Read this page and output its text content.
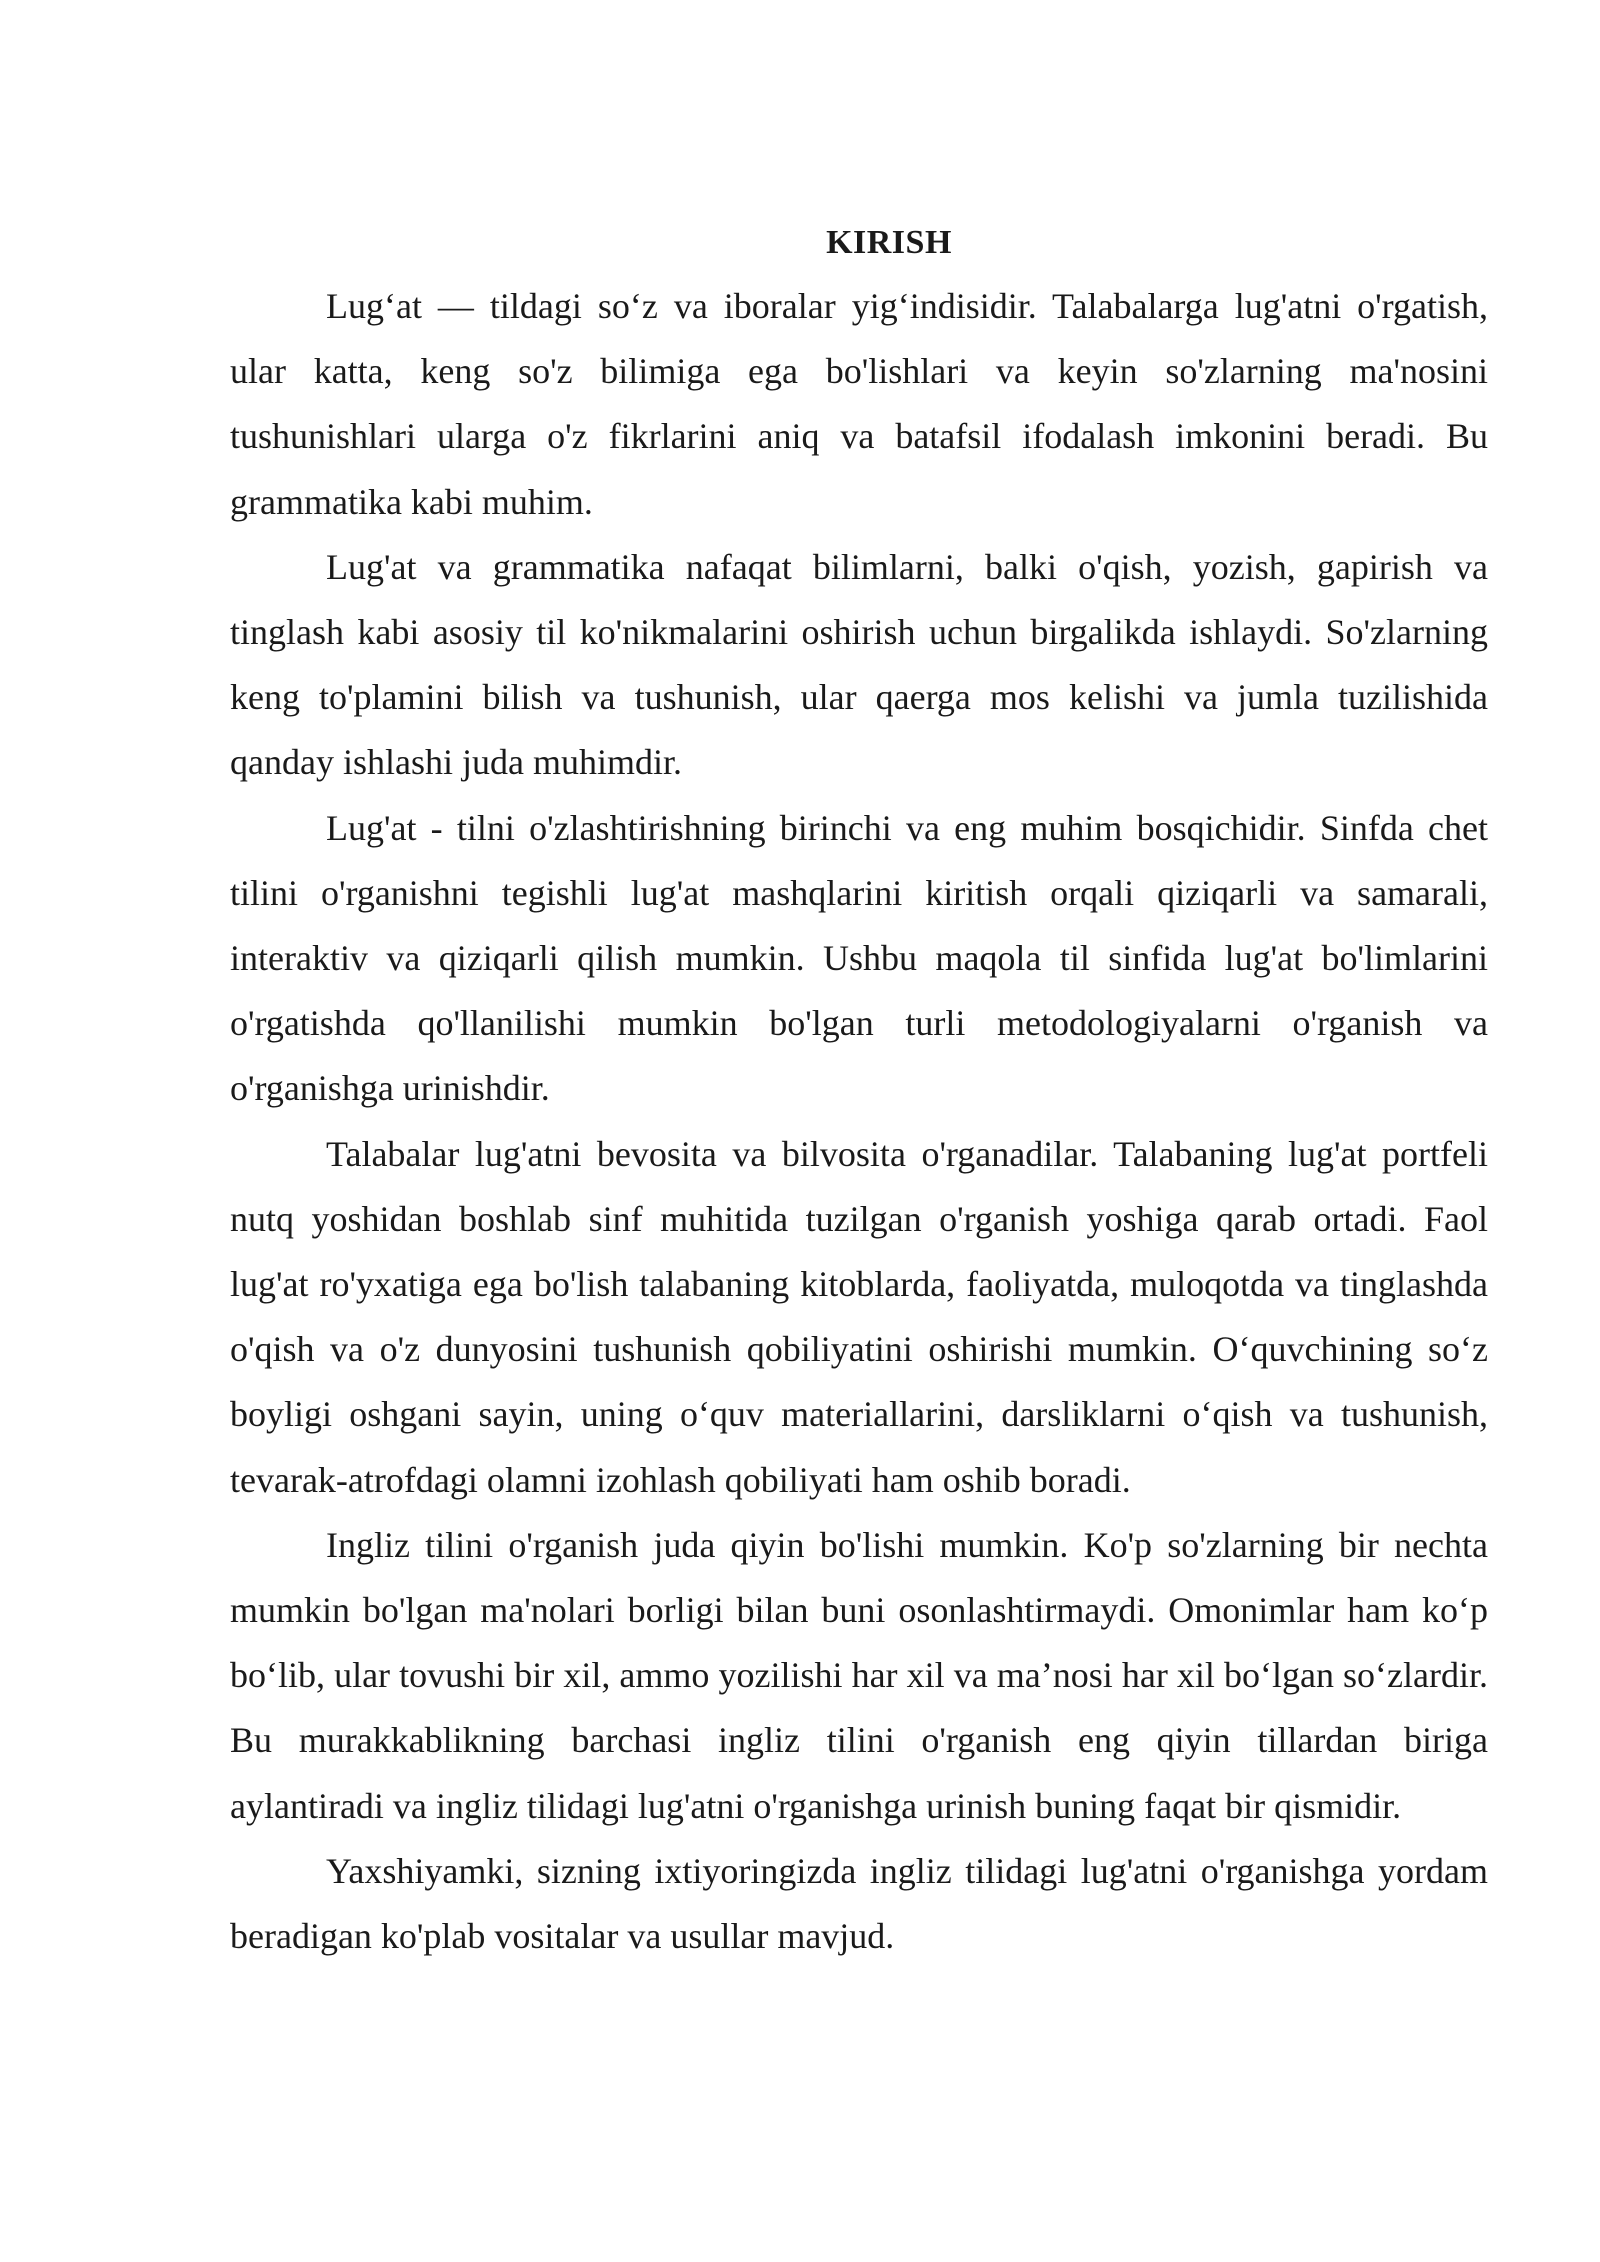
KIRISH

Lug‘at — tildagi so‘z va iboralar yig‘indisidir. Talabalarga lug'atni o'rgatish, ular katta, keng so'z bilimiga ega bo'lishlari va keyin so'zlarning ma'nosini tushunishlari ularga o'z fikrlarini aniq va batafsil ifodalash imkonini beradi. Bu grammatika kabi muhim.

Lug'at va grammatika nafaqat bilimlarni, balki o'qish, yozish, gapirish va tinglash kabi asosiy til ko'nikmalarini oshirish uchun birgalikda ishlaydi. So'zlarning keng to'plamini bilish va tushunish, ular qaerga mos kelishi va jumla tuzilishida qanday ishlashi juda muhimdir.

Lug'at - tilni o'zlashtirishning birinchi va eng muhim bosqichidir. Sinfda chet tilini o'rganishni tegishli lug'at mashqlarini kiritish orqali qiziqarli va samarali, interaktiv va qiziqarli qilish mumkin. Ushbu maqola til sinfida lug'at bo'limlarini o'rgatishda qo'llanilishi mumkin bo'lgan turli metodologiyalarni o'rganish va o'rganishga urinishdir.

Talabalar lug'atni bevosita va bilvosita o'rganadilar. Talabaning lug'at portfeli nutq yoshidan boshlab sinf muhitida tuzilgan o'rganish yoshiga qarab ortadi. Faol lug'at ro'yxatiga ega bo'lish talabaning kitoblarda, faoliyatda, muloqotda va tinglashda o'qish va o'z dunyosini tushunish qobiliyatini oshirishi mumkin. O‘quvchining so‘z boyligi oshgani sayin, uning o‘quv materiallarini, darsliklarni o‘qish va tushunish, tevarak-atrofdagi olamni izohlash qobiliyati ham oshib boradi.

Ingliz tilini o'rganish juda qiyin bo'lishi mumkin. Ko'p so'zlarning bir nechta mumkin bo'lgan ma'nolari borligi bilan buni osonlashtirmaydi. Omonimlar ham ko‘p bo‘lib, ular tovushi bir xil, ammo yozilishi har xil va ma’nosi har xil bo‘lgan so‘zlardir. Bu murakkablikning barchasi ingliz tilini o'rganish eng qiyin tillardan biriga aylantiradi va ingliz tilidagi lug'atni o'rganishga urinish buning faqat bir qismidir.

Yaxshiyamki, sizning ixtiyoringizda ingliz tilidagi lug'atni o'rganishga yordam beradigan ko'plab vositalar va usullar mavjud.
